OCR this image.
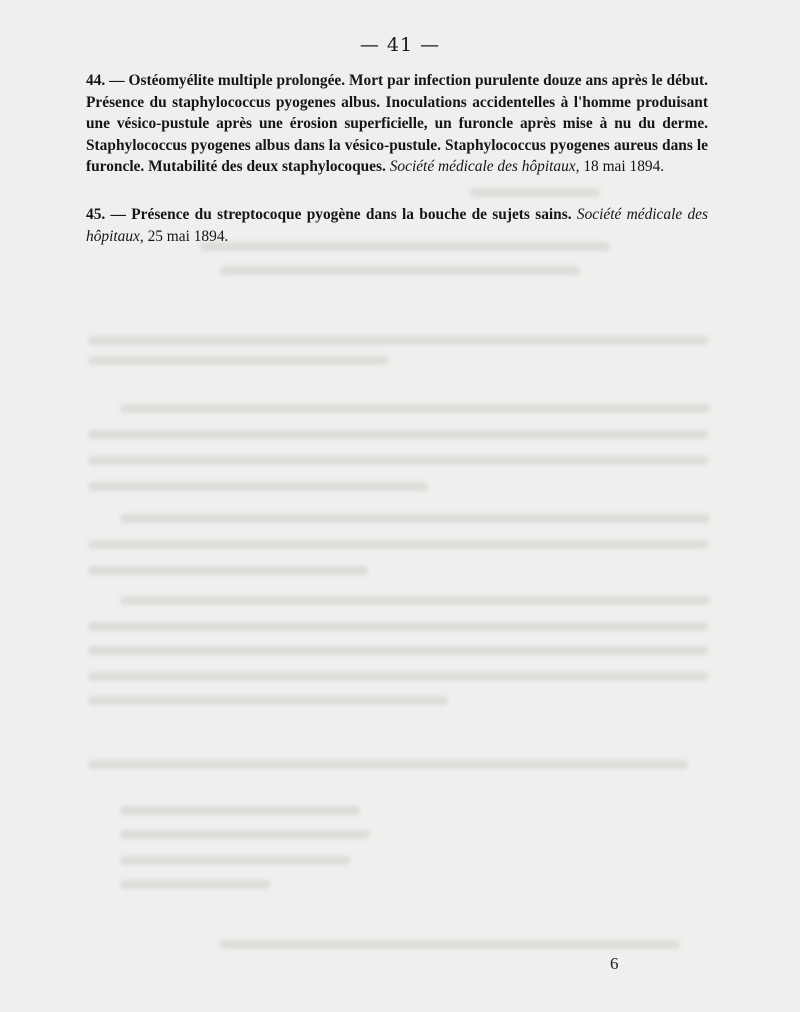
— 41 —
44. — Ostéomyélite multiple prolongée. Mort par infection purulente douze ans après le début. Présence du staphylococcus pyogenes albus. Inoculations accidentelles à l'homme produisant une vésico-pustule après une érosion superficielle, un furoncle après mise à nu du derme. Staphylococcus pyogenes albus dans la vésico-pustule. Staphylococcus pyogenes aureus dans le furoncle. Mutabilité des deux staphylocoques. Société médicale des hôpitaux, 18 mai 1894.
45. — Présence du streptocoque pyogène dans la bouche de sujets sains. Société médicale des hôpitaux, 25 mai 1894.
6
